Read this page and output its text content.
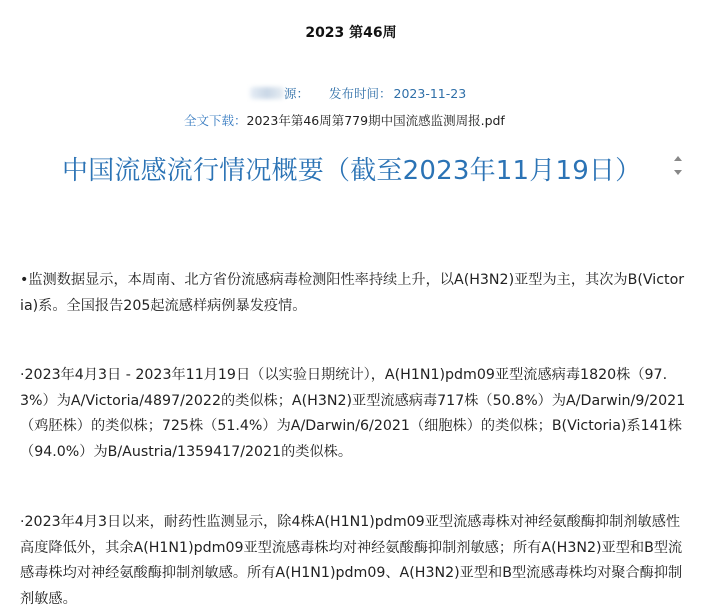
2023 第46周
源： 发布时间： 2023-11-23
全文下载：2023年第46周第779期中国流感监测周报.pdf
中国流感流行情况概要（截至2023年11月19日）
•监测数据显示，本周南、北方省份流感病毒检测阳性率持续上升，以A(H3N2)亚型为主，其次为B(Victoria)系。全国报告205起流感样病例暴发疫情。
·2023年4月3日 - 2023年11月19日（以实验日期统计），A(H1N1)pdm09亚型流感病毒1820株（97.3%）为A/Victoria/4897/2022的类似株；A(H3N2)亚型流感病毒717株（50.8%）为A/Darwin/9/2021（鸡胚株）的类似株；725株（51.4%）为A/Darwin/6/2021（细胞株）的类似株；B(Victoria)系141株（94.0%）为B/Austria/1359417/2021的类似株。
·2023年4月3日以来，耐药性监测显示，除4株A(H1N1)pdm09亚型流感毒株对神经氨酸酶抑制剂敏感性高度降低外，其余A(H1N1)pdm09亚型流感毒株均对神经氨酸酶抑制剂敏感；所有A(H3N2)亚型和B型流感毒株均对神经氨酸酶抑制剂敏感。所有A(H1N1)pdm09、A(H3N2)亚型和B型流感毒株均对聚合酶抑制剂敏感。
